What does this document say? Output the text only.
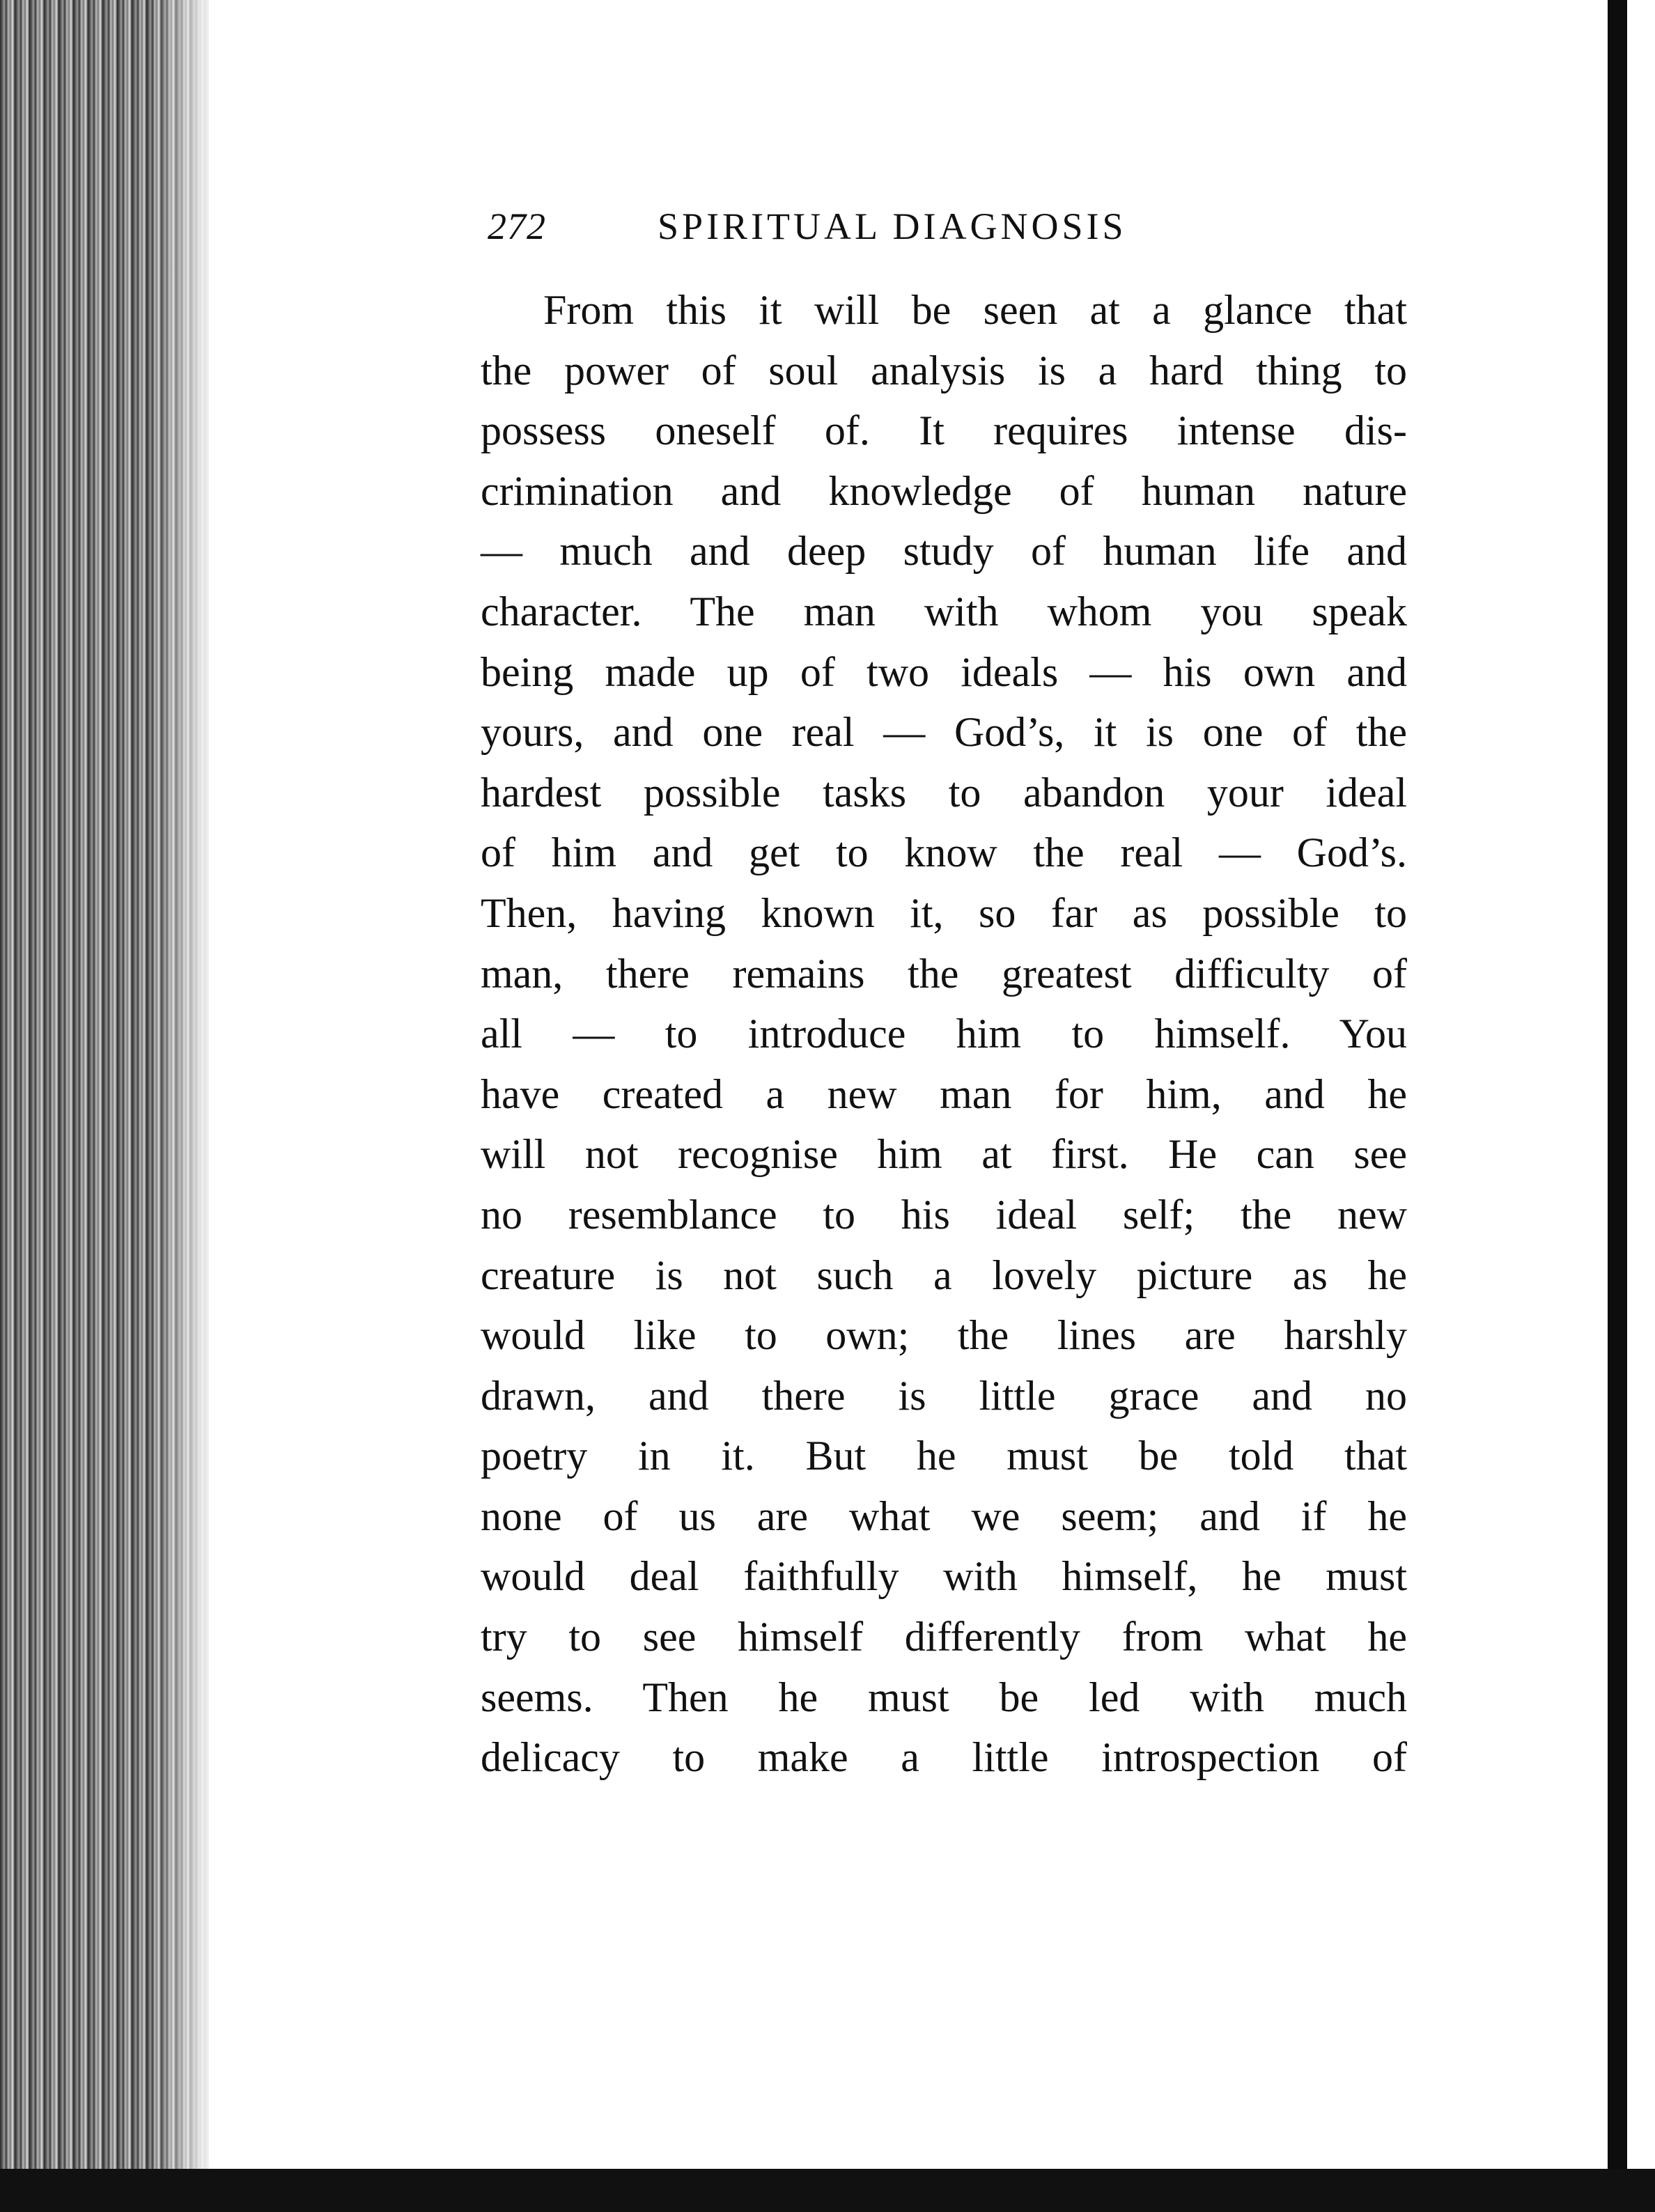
272	SPIRITUAL DIAGNOSIS
From this it will be seen at a glance that
the power of soul analysis is a hard thing to
possess oneself of. It requires intense dis-
crimination and knowledge of human nature
— much and deep study of human life and
character. The man with whom you speak
being made up of two ideals — his own and
yours, and one real — God’s, it is one of the
hardest possible tasks to abandon your ideal
of him and get to know the real — God’s.
Then, having known it, so far as possible to
man, there remains the greatest difficulty of
all — to introduce him to himself. You
have created a new man for him, and he
will not recognise him at first. He can see
no resemblance to his ideal self; the new
creature is not such a lovely picture as he
would like to own; the lines are harshly
drawn, and there is little grace and no
poetry in it. But he must be told that
none of us are what we seem; and if he
would deal faithfully with himself, he must
try to see himself differently from what he
seems. Then he must be led with much
delicacy to make a little introspection of
